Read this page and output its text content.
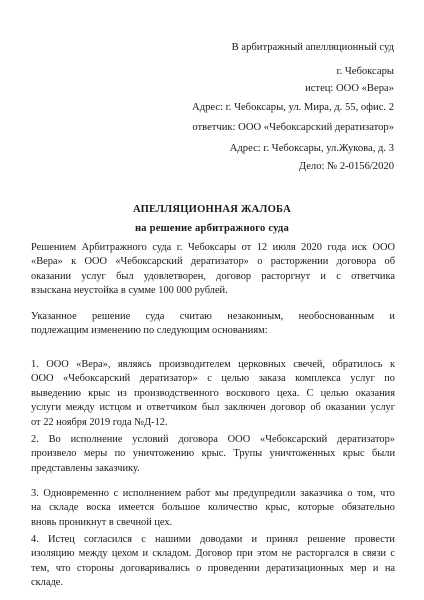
В арбитражный апелляционный суд
г. Чебоксары
истец: ООО «Вера»
Адрес: г. Чебоксары, ул. Мира, д. 55, офис. 2
ответчик: ООО «Чебоксарский дератизатор»
Адрес: г. Чебоксары, ул.Жукова, д. 3
Дело: № 2-0156/2020
АПЕЛЛЯЦИОННАЯ ЖАЛОБА
на решение арбитражного суда
Решением Арбитражного суда г. Чебоксары от 12 июля 2020 года иск ООО
«Вера» к ООО «Чебоксарский дератизатор» о расторжении договора об
оказании услуг был удовлетворен, договор расторгнут и с ответчика
взыскана неустойка в сумме 100 000 рублей.
Указанное решение суда считаю незаконным, необоснованным и
подлежащим изменению по следующим основаниям:
1. ООО «Вера», являясь производителем церковных свечей, обратилось к
ООО «Чебоксарский дератизатор» с целью заказа комплекса услуг по
выведению крыс из производственного воскового цеха. С целью оказания
услуги между истцом и ответчиком был заключен договор об оказании услуг
от 22 ноября 2019 года №Д-12.
2. Во исполнение условий договора ООО «Чебоксарский дератизатор»
произвело меры по уничтожению крыс. Трупы уничтоженных крыс были
представлены заказчику.
3. Одновременно с исполнением работ мы предупредили заказчика о том, что
на складе воска имеется большое количество крыс, которые обязательно
вновь проникнут в свечной цех.
4. Истец согласился с нашими доводами и принял решение провести
изоляцию между цехом и складом. Договор при этом не расторгался в связи с
тем, что стороны договаривались о проведении дератизационных мер и на
складе.
